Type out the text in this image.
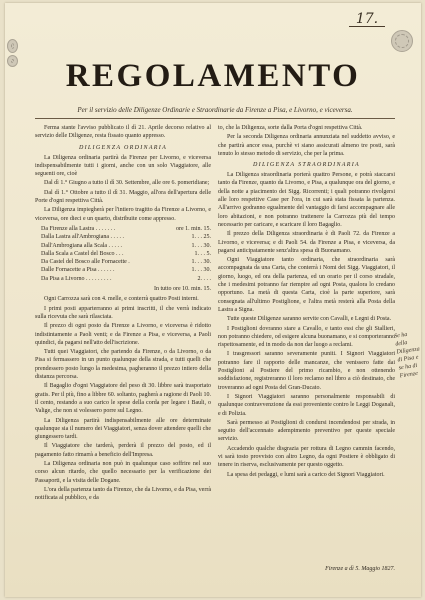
17.
REGOLAMENTO
Per il servizio delle Diligenze Ordinarie e Straordinarie da Firenze a Pisa, e Livorno, e viceversa.

Ferma stante l'avviso pubblicato il dì 21. Aprile decorso relativo al servizio delle Diligenze, resta fissato quanto appresso.

DILIGENZA ORDINARIA

La Diligenza ordinaria partirà da Firenze per Livorno, e viceversa indispensabilmente tutti i giorni, anche con un solo Viaggiatore, alle seguenti ore, cioè

Dal dì 1.° Giugno a tutto il dì 30. Settembre, alle ore 6. pomeridiane;

Dal dì 1.° Ottobre a tutto il dì 31. Maggio, all'ora dell'apertura delle Porte d'ogni respettiva Città.

La Diligenza impiegherà per l'intiero tragitto da Firenze a Livorno, e viceversa, ore dieci e un quarto, distribuite come appresso.

Da Firenze alla Lastra . . . . . . .	ore 1. min. 15.
Dalla Lastra all'Ambrogiana . . . . .	1. . . 25.
Dall'Ambrogiana alla Scala . . . . .	1. . . 30.
Dalla Scala a Castel del Bosco . . .	1. . . 5.
Da Castel del Bosco alle Fornacette .	1. . . 30.
Dalle Fornacette a Pisa . . . . . .	1. . . 30.
Da Pisa a Livorno . . . . . . . . .	2. . . .
In tutto ore 10. min. 15.

Ogni Carrozza sarà con 4. melle, e conterrà quattro Posti interni.

I primi posti apparterranno ai primi inscritti, il che verrà indicato sulla ricevuta che sarà rilasciata.

Il prezzo di ogni posto da Firenze a Livorno, e viceversa è ridotto indistintamente a Paoli venti; e da Firenze a Pisa, e viceversa, a Paoli quindici, da pagarsi nell'atto dell'iscrizione.

Tutti quei Viaggiatori, che partendo da Firenze, o da Livorno, o da Pisa si fermassero in un punto qualunque della strada, e tutti quelli che prendessero posto lungo la medesima, pagheranno il prezzo intiero della distanza percorsa.

Il Bagaglio d'ogni Viaggiatore del peso di 30. libbre sarà trasportato gratis. Per il più, fino a libbre 60. soltanto, pagherà a ragione di Paoli 10. il cento, restando a suo carico le spese della corda per legare i Bauli, o Valige, che non si volessero porre sul Legno.

La Diligenza partirà indispensabilmente alle ore determinate qualunque sia il numero dei Viaggiatori, senza dover attendere quelli che giungessero tardi.

Il Viaggiatore che tarderà, perderà il prezzo del posto, ed il pagamento fatto rimarrà a beneficio dell'Impresa.

La Diligenza ordinaria non può in qualunque caso soffrire nel suo corso alcun ritardo, che quello necessario per la verificazione dei Passaporti, e la visita delle Dogane.

L'ora della partenza tanto da Firenze, che da Livorno, e da Pisa, verrà notificata al pubblico, e da

to, che la Diligenza, sorte dalla Porta d'ogni respettiva Città.

Per la seconda Diligenza ordinaria annunziata nel suddetto avviso, e che partirà ancor essa, purchè vi siano assicurati almeno tre posti, sarà tenuto lo stesso metodo di servizio, che per la prima.

DILIGENZA STRAORDINARIA

La Diligenza straordinaria porterà quattro Persone, e potrà staccarsi tanto da Firenze, quanto da Livorno, e Pisa, a qualunque ora del giorno, e della notte a piacimento dei Sigg. Ricorrenti; i quali potranno rivolgersi alle loro respettive Case per l'ora, in cui sarà stata fissata la partenza. All'arrivo godranno egualmente del vantaggio di farsi accompagnare alle loro abitazioni, e non potranno trattenere la Carrozza più del tempo necessario per caricare, e scaricare il loro Bagaglio.

Il prezzo della Diligenza straordinaria è di Paoli 72. da Firenze a Livorno, e viceversa; e di Paoli 54. da Firenze a Pisa, e viceversa, da pagarsi anticipatamente senz'altra spesa di Buonamano.

Ogni Viaggiatore tanto ordinaria, che straordinaria sarà accompagnata da una Carta, che conterrà i Nomi dei Sigg. Viaggiatori, il giorno, luogo, ed ora della partenza, ed un orario per il corso stradale, che i medesimi potranno far riempire ad ogni Posta, qualora lo credano opportuno. La metà di questa Carta, cioè la parte superiore, sarà consegnata all'ultimo Postiglione, e l'altra metà resterà alla Posta della Lastra a Signa.

Tutte queste Diligenze saranno servite con Cavalli, e Legni di Posta.

I Postiglioni dovranno stare a Cavallo, e tanto essi che gli Stallieri, non potranno chiedere, od esigere alcuna buonamano, e si comporteranno rispettosamente, ed in modo da non dar luogo a reclami.

I trasgressori saranno severamente puniti. I Signori Viaggiatori potranno fare il rapporto delle mancanze, che venissero fatte dai Postiglioni al Postiere del primo ricambio, e non ottenendo soddisfazione, registreranno il loro reclamo nel libro a ciò destinato, che troveranno ad ogni Posta del Gran-Ducato.

I Signori Viaggiatori saranno personalmente responsabili di qualunque contravvenzione da essi proveniente contro le Leggi Doganali, e di Polizia.

Sarà permesso ai Postiglioni di condursi incendendosi per strada, in seguito dell'accennato adempimento preventivo per queste speciale servizio.

Accadendo qualche disgrazia per rottura di Legno cammin facendo, vi sarà tosto provvisto con altro Legno, da ogni Postiere è obbligato di tenere in riserva, esclusivamente per questo oggetto.

La spesa dei pedaggi, e lumi sarà a carico dei Signori Viaggiatori.

Se ha della Diligenza di Pisa e se ha di Firenze
Firenze a dì 5. Maggio 1827.
